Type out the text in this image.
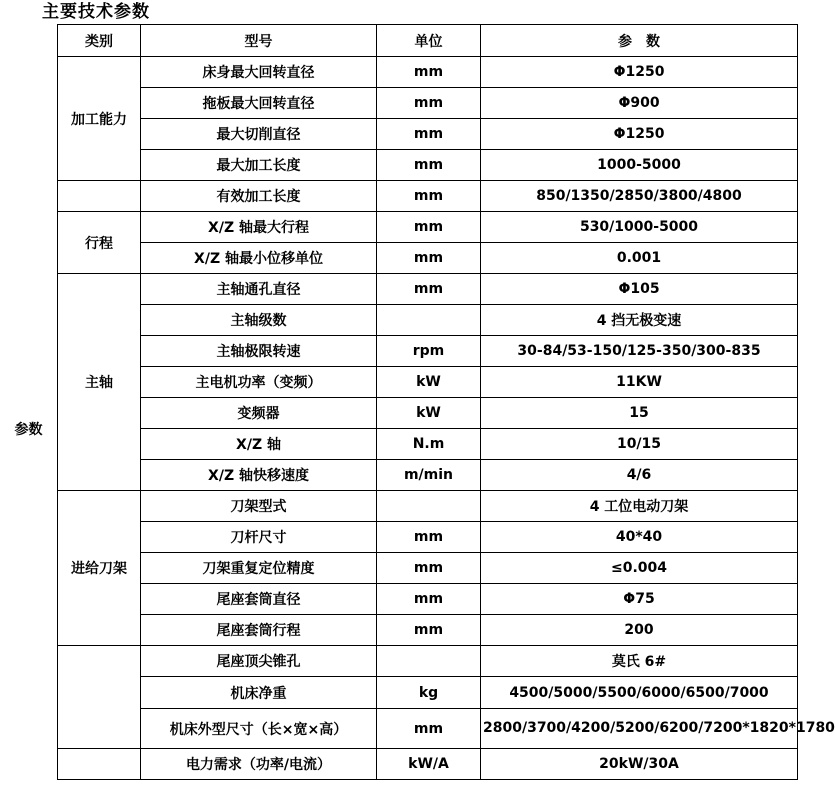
主要技术参数
参数
类别	型号	单位	参　数
加工能力	床身最大回转直径	mm	Φ1250
	拖板最大回转直径	mm	Φ900
	最大切削直径	mm	Φ1250
	最大加工长度	mm	1000-5000
	有效加工长度	mm	850/1350/2850/3800/4800
行程	X/Z 轴最大行程	mm	530/1000-5000
	X/Z 轴最小位移单位	mm	0.001
主轴	主轴通孔直径	mm	Φ105
	主轴级数		4 挡无极变速
	主轴极限转速	rpm	30-84/53-150/125-350/300-835
	主电机功率（变频）	kW	11KW
	变频器	kW	15
	X/Z 轴	N.m	10/15
	X/Z 轴快移速度	m/min	4/6
进给刀架	刀架型式		4 工位电动刀架
	刀杆尺寸	mm	40*40
	刀架重复定位精度	mm	≤0.004
	尾座套筒直径	mm	Φ75
	尾座套筒行程	mm	200
	尾座顶尖锥孔		莫氏 6#
	机床净重	kg	4500/5000/5500/6000/6500/7000
	机床外型尺寸（长×宽×高）	mm	2800/3700/4200/5200/6200/7200*1820*1780
	电力需求（功率/电流）	kW/A	20kW/30A
